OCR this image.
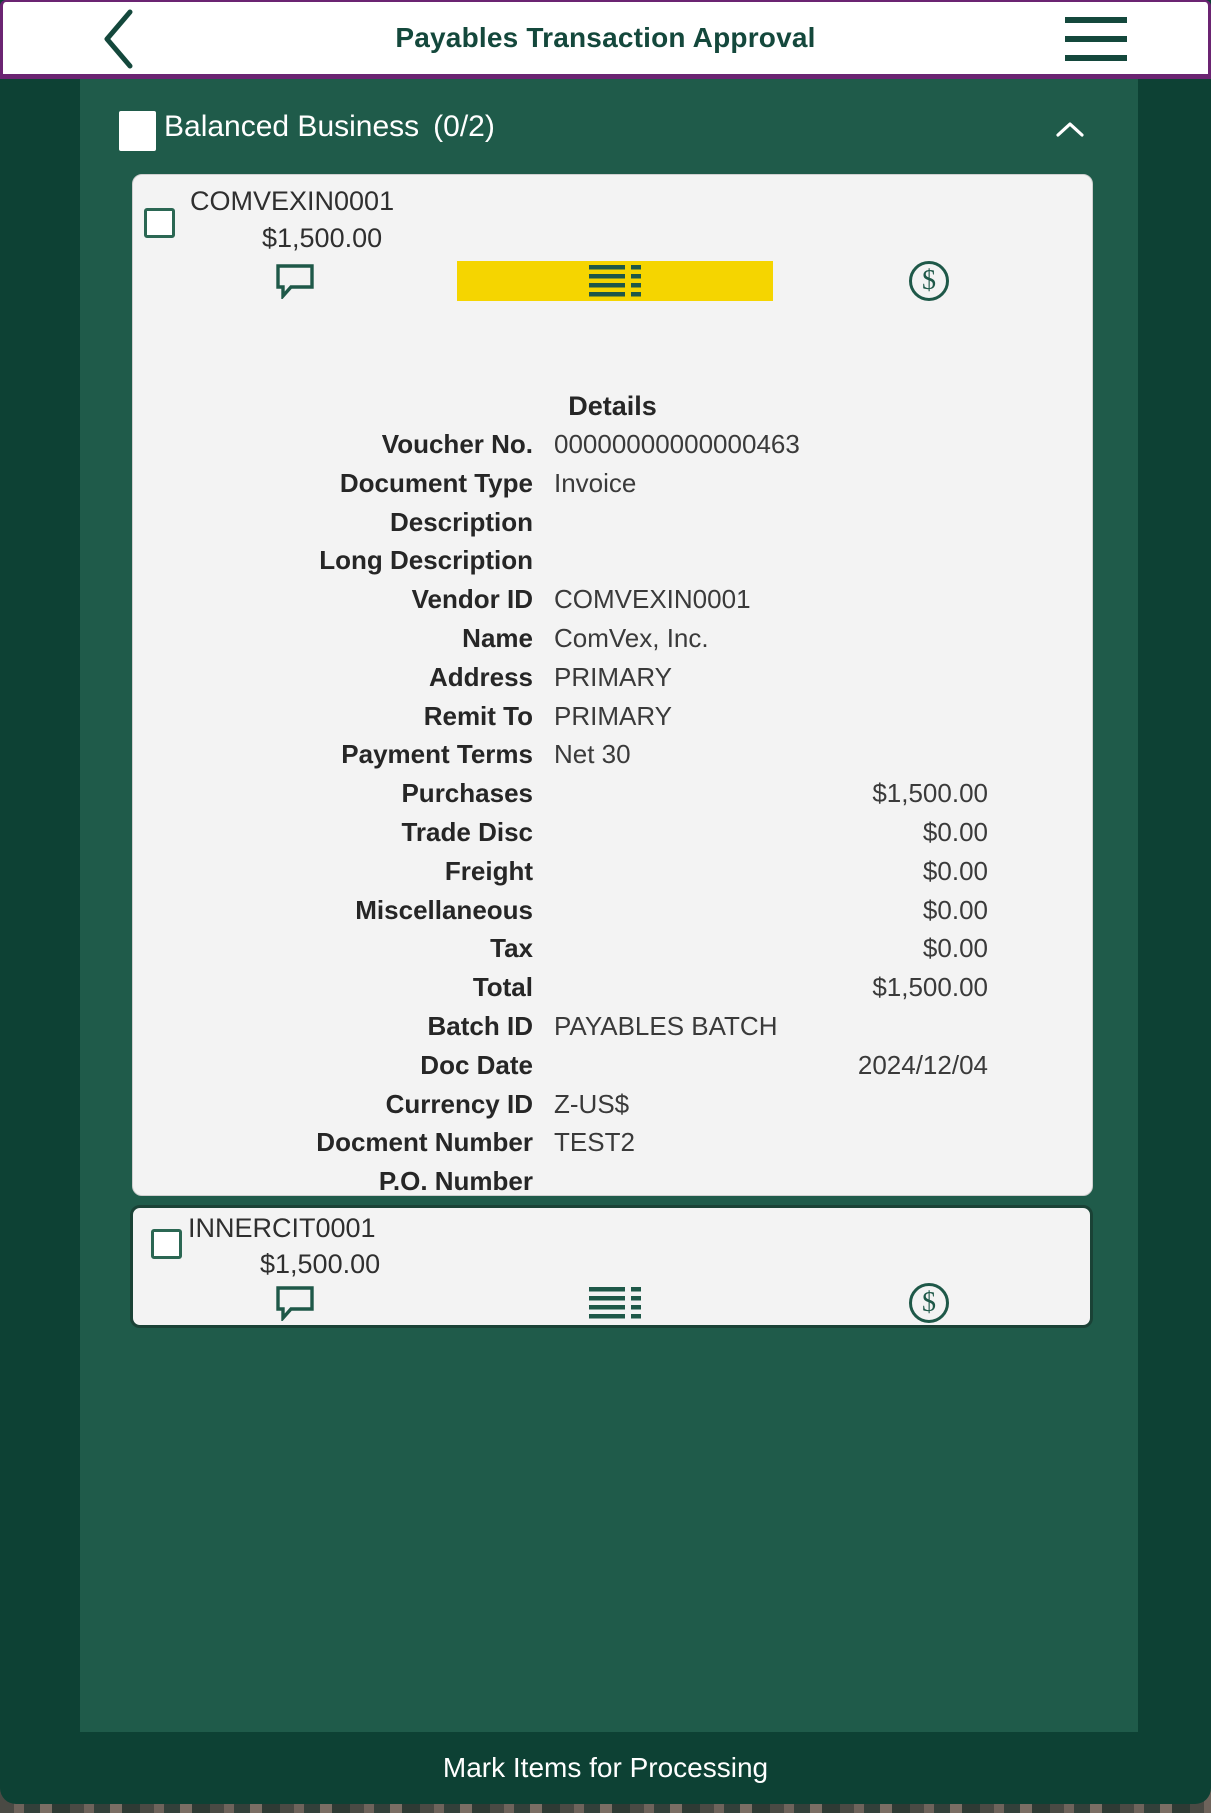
Payables Transaction Approval
Balanced Business (0/2)
COMVEXIN0001
$1,500.00
$
Details
Voucher No. 00000000000000463
Document Type Invoice
Description
Long Description
Vendor ID COMVEXIN0001
Name ComVex, Inc.
Address PRIMARY
Remit To PRIMARY
Payment Terms Net 30
Purchases	$1,500.00
Trade Disc	$0.00
Freight	$0.00
Miscellaneous	$0.00
Tax	$0.00
Total	$1,500.00
Batch ID PAYABLES BATCH
Doc Date	2024/12/04
Currency ID Z-US$
Docment Number TEST2
P.O. Number
INNERCIT0001
$1,500.00
$
Mark Items for Processing
